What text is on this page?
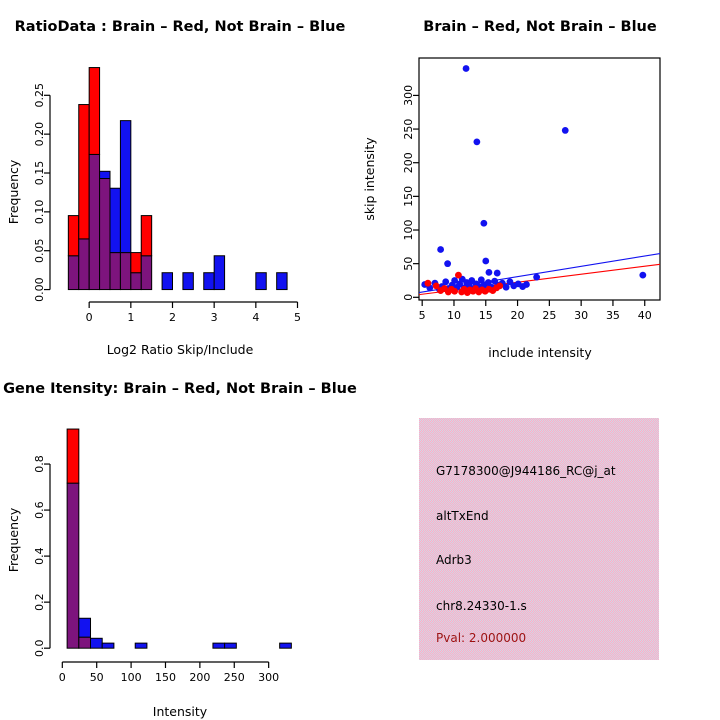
0	1	2	3	4	5
0.00
0.05
0.10
0.15
0.20
0.25
5 10 15 20 25 30 35 40
0
50
100
150
200
250
300
0 50 100 150 200 250 300
0.0
0.2
0.4
0.6
0.8
RatioData : Brain – Red, Not Brain – Blue	Brain – Red, Not Brain – Blue
Gene Itensity: Brain – Red, Not Brain – Blue
Log2 Ratio Skip/Include
Frequency
include intensity
skip intensity
Intensity
Frequency
G7178300@J944186_RC@j_at
altTxEnd
Adrb3
chr8.24330-1.s
Pval: 2.000000
